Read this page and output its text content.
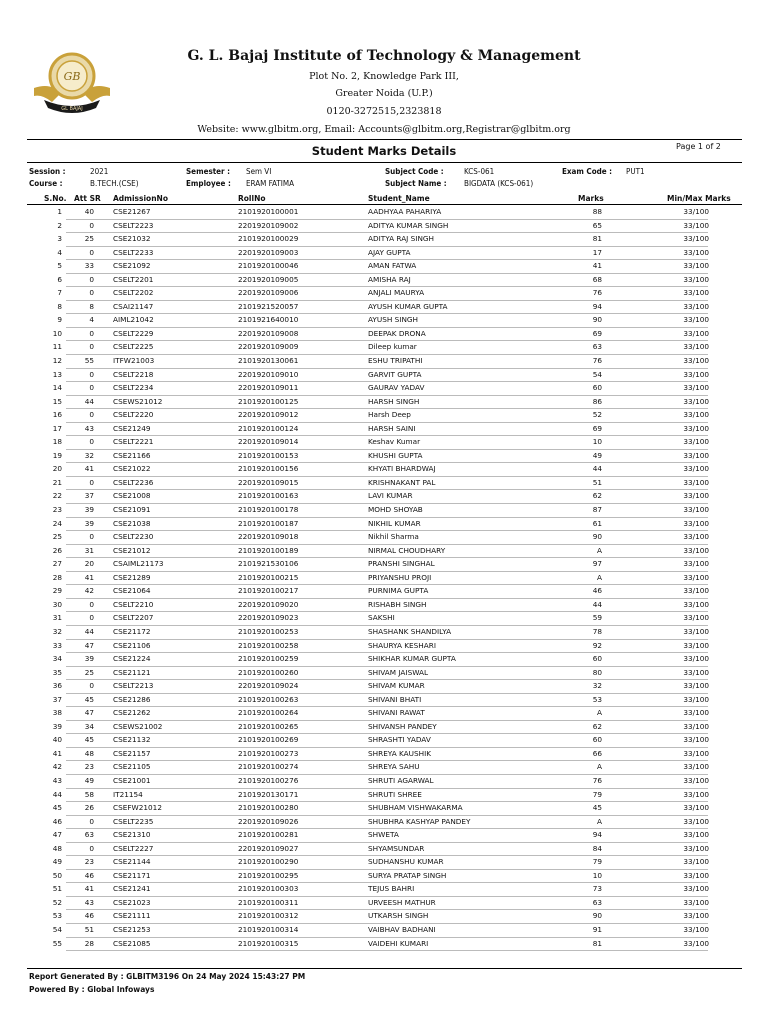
GB
GL BAJAJ
G. L. Bajaj Institute of Technology & Management
Plot No. 2, Knowledge Park III,
Greater Noida (U.P.)
0120-3272515,2323818
Website: www.glbitm.org, Email: Accounts@glbitm.org,Registrar@glbitm.org
Student Marks Details	Page 1 of 2
Session :	2021
Course :	B.TECH.(CSE)
Semester : Sem VI
Employee : ERAM FATIMA
Subject Code :	KCS-061
Subject Name : BIGDATA (KCS-061)
Exam Code : PUT1
S.No. Att SR AdmissionNo	RollNo	Student_Name	Marks	Min/Max Marks
1	40	CSE21267	2101920100001	AADHYAA PAHARIYA	88	33/100
2	0	CSELT2223	2201920109002	ADITYA KUMAR SINGH	65	33/100
3	25	CSE21032	2101920100029	ADITYA RAJ SINGH	81	33/100
4	0	CSELT2233	2201920109003	AJAY GUPTA	17	33/100
5	33	CSE21092	2101920100046	AMAN FATWA	41	33/100
6	0	CSELT2201	2201920109005	AMISHA RAJ	68	33/100
7	0	CSELT2202	2201920109006	ANJALI MAURYA	76	33/100
8	8	CSAI21147	2101921520057	AYUSH KUMAR GUPTA	94	33/100
9	4	AIML21042	2101921640010	AYUSH SINGH	90	33/100
10	0	CSELT2229	2201920109008	DEEPAK DRONA	69	33/100
11	0	CSELT2225	2201920109009	Dileep kumar	63	33/100
12	55	ITFW21003	2101920130061	ESHU TRIPATHI	76	33/100
13	0	CSELT2218	2201920109010	GARVIT GUPTA	54	33/100
14	0	CSELT2234	2201920109011	GAURAV YADAV	60	33/100
15	44	CSEWS21012	2101920100125	HARSH SINGH	86	33/100
16	0	CSELT2220	2201920109012	Harsh Deep	52	33/100
17	43	CSE21249	2101920100124	HARSH SAINI	69	33/100
18	0	CSELT2221	2201920109014	Keshav Kumar	10	33/100
19	32	CSE21166	2101920100153	KHUSHI GUPTA	49	33/100
20	41	CSE21022	2101920100156	KHYATI BHARDWAJ	44	33/100
21	0	CSELT2236	2201920109015	KRISHNAKANT PAL	51	33/100
22	37	CSE21008	2101920100163	LAVI KUMAR	62	33/100
23	39	CSE21091	2101920100178	MOHD SHOYAB	87	33/100
24	39	CSE21038	2101920100187	NIKHIL KUMAR	61	33/100
25	0	CSELT2230	2201920109018	Nikhil Sharma	90	33/100
26	31	CSE21012	2101920100189	NIRMAL CHOUDHARY	A	33/100
27	20	CSAIML21173	2101921530106	PRANSHI SINGHAL	97	33/100
28	41	CSE21289	2101920100215	PRIYANSHU PROJI	A	33/100
29	42	CSE21064	2101920100217	PURNIMA GUPTA	46	33/100
30	0	CSELT2210	2201920109020	RISHABH SINGH	44	33/100
31	0	CSELT2207	2201920109023	SAKSHI	59	33/100
32	44	CSE21172	2101920100253	SHASHANK SHANDILYA	78	33/100
33	47	CSE21106	2101920100258	SHAURYA KESHARI	92	33/100
34	39	CSE21224	2101920100259	SHIKHAR KUMAR GUPTA	60	33/100
35	25	CSE21121	2101920100260	SHIVAM JAISWAL	80	33/100
36	0	CSELT2213	2201920109024	SHIVAM KUMAR	32	33/100
37	45	CSE21286	2101920100263	SHIVANI BHATI	53	33/100
38	47	CSE21262	2101920100264	SHIVANI RAWAT	A	33/100
39	34	CSEWS21002	2101920100265	SHIVANSH PANDEY	62	33/100
40	45	CSE21132	2101920100269	SHRASHTI YADAV	60	33/100
41	48	CSE21157	2101920100273	SHREYA KAUSHIK	66	33/100
42	23	CSE21105	2101920100274	SHREYA SAHU	A	33/100
43	49	CSE21001	2101920100276	SHRUTI AGARWAL	76	33/100
44	58	IT21154	2101920130171	SHRUTI SHREE	79	33/100
45	26	CSEFW21012	2101920100280	SHUBHAM VISHWAKARMA	45	33/100
46	0	CSELT2235	2201920109026	SHUBHRA KASHYAP PANDEY	A	33/100
47	63	CSE21310	2101920100281	SHWETA	94	33/100
48	0	CSELT2227	2201920109027	SHYAMSUNDAR	84	33/100
49	23	CSE21144	2101920100290	SUDHANSHU KUMAR	79	33/100
50	46	CSE21171	2101920100295	SURYA PRATAP SINGH	10	33/100
51	41	CSE21241	2101920100303	TEJUS BAHRI	73	33/100
52	43	CSE21023	2101920100311	URVEESH MATHUR	63	33/100
53	46	CSE21111	2101920100312	UTKARSH SINGH	90	33/100
54	51	CSE21253	2101920100314	VAIBHAV BADHANI	91	33/100
55	28	CSE21085	2101920100315	VAIDEHI KUMARI	81	33/100
Report Generated By : GLBITM3196 On 24 May 2024 15:43:27 PM
Powered By : Global Infoways
